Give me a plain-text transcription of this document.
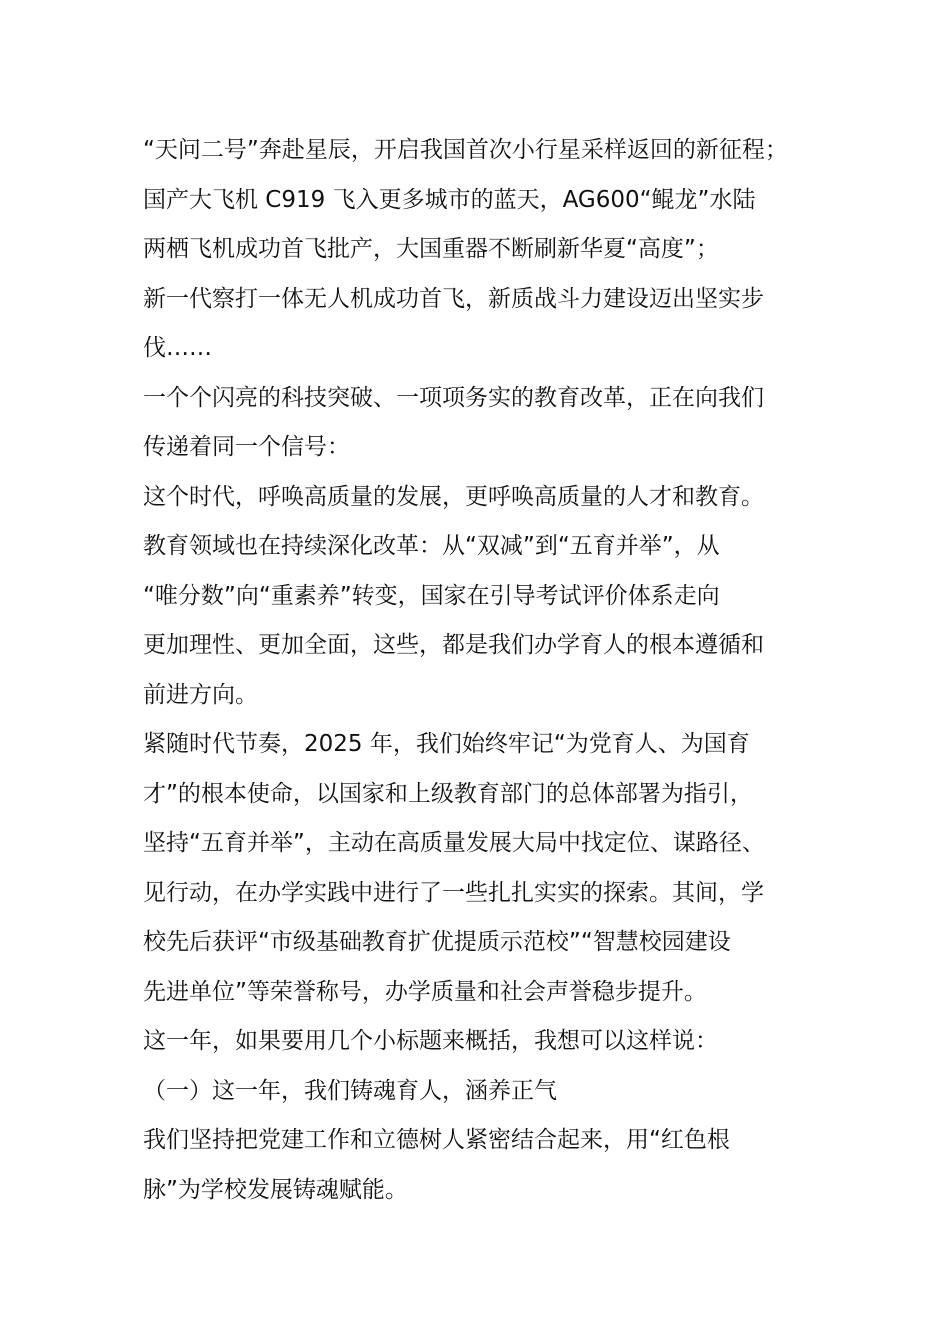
“天问二号”奔赴星辰，开启我国首次小行星采样返回的新征程；
国产大飞机 C919 飞入更多城市的蓝天，AG600“鲲龙”水陆
两栖飞机成功首飞批产，大国重器不断刷新华夏“高度”；
新一代察打一体无人机成功首飞，新质战斗力建设迈出坚实步
伐……
一个个闪亮的科技突破、一项项务实的教育改革，正在向我们
传递着同一个信号：
这个时代，呼唤高质量的发展，更呼唤高质量的人才和教育。
教育领域也在持续深化改革：从“双减”到“五育并举”，从
“唯分数”向“重素养”转变，国家在引导考试评价体系走向
更加理性、更加全面，这些，都是我们办学育人的根本遵循和
前进方向。
紧随时代节奏，2025 年，我们始终牢记“为党育人、为国育
才”的根本使命，以国家和上级教育部门的总体部署为指引，
坚持“五育并举”，主动在高质量发展大局中找定位、谋路径、
见行动，在办学实践中进行了一些扎扎实实的探索。其间，学
校先后获评“市级基础教育扩优提质示范校”“智慧校园建设
先进单位”等荣誉称号，办学质量和社会声誉稳步提升。
这一年，如果要用几个小标题来概括，我想可以这样说：
（一）这一年，我们铸魂育人，涵养正气
我们坚持把党建工作和立德树人紧密结合起来，用“红色根
脉”为学校发展铸魂赋能。
